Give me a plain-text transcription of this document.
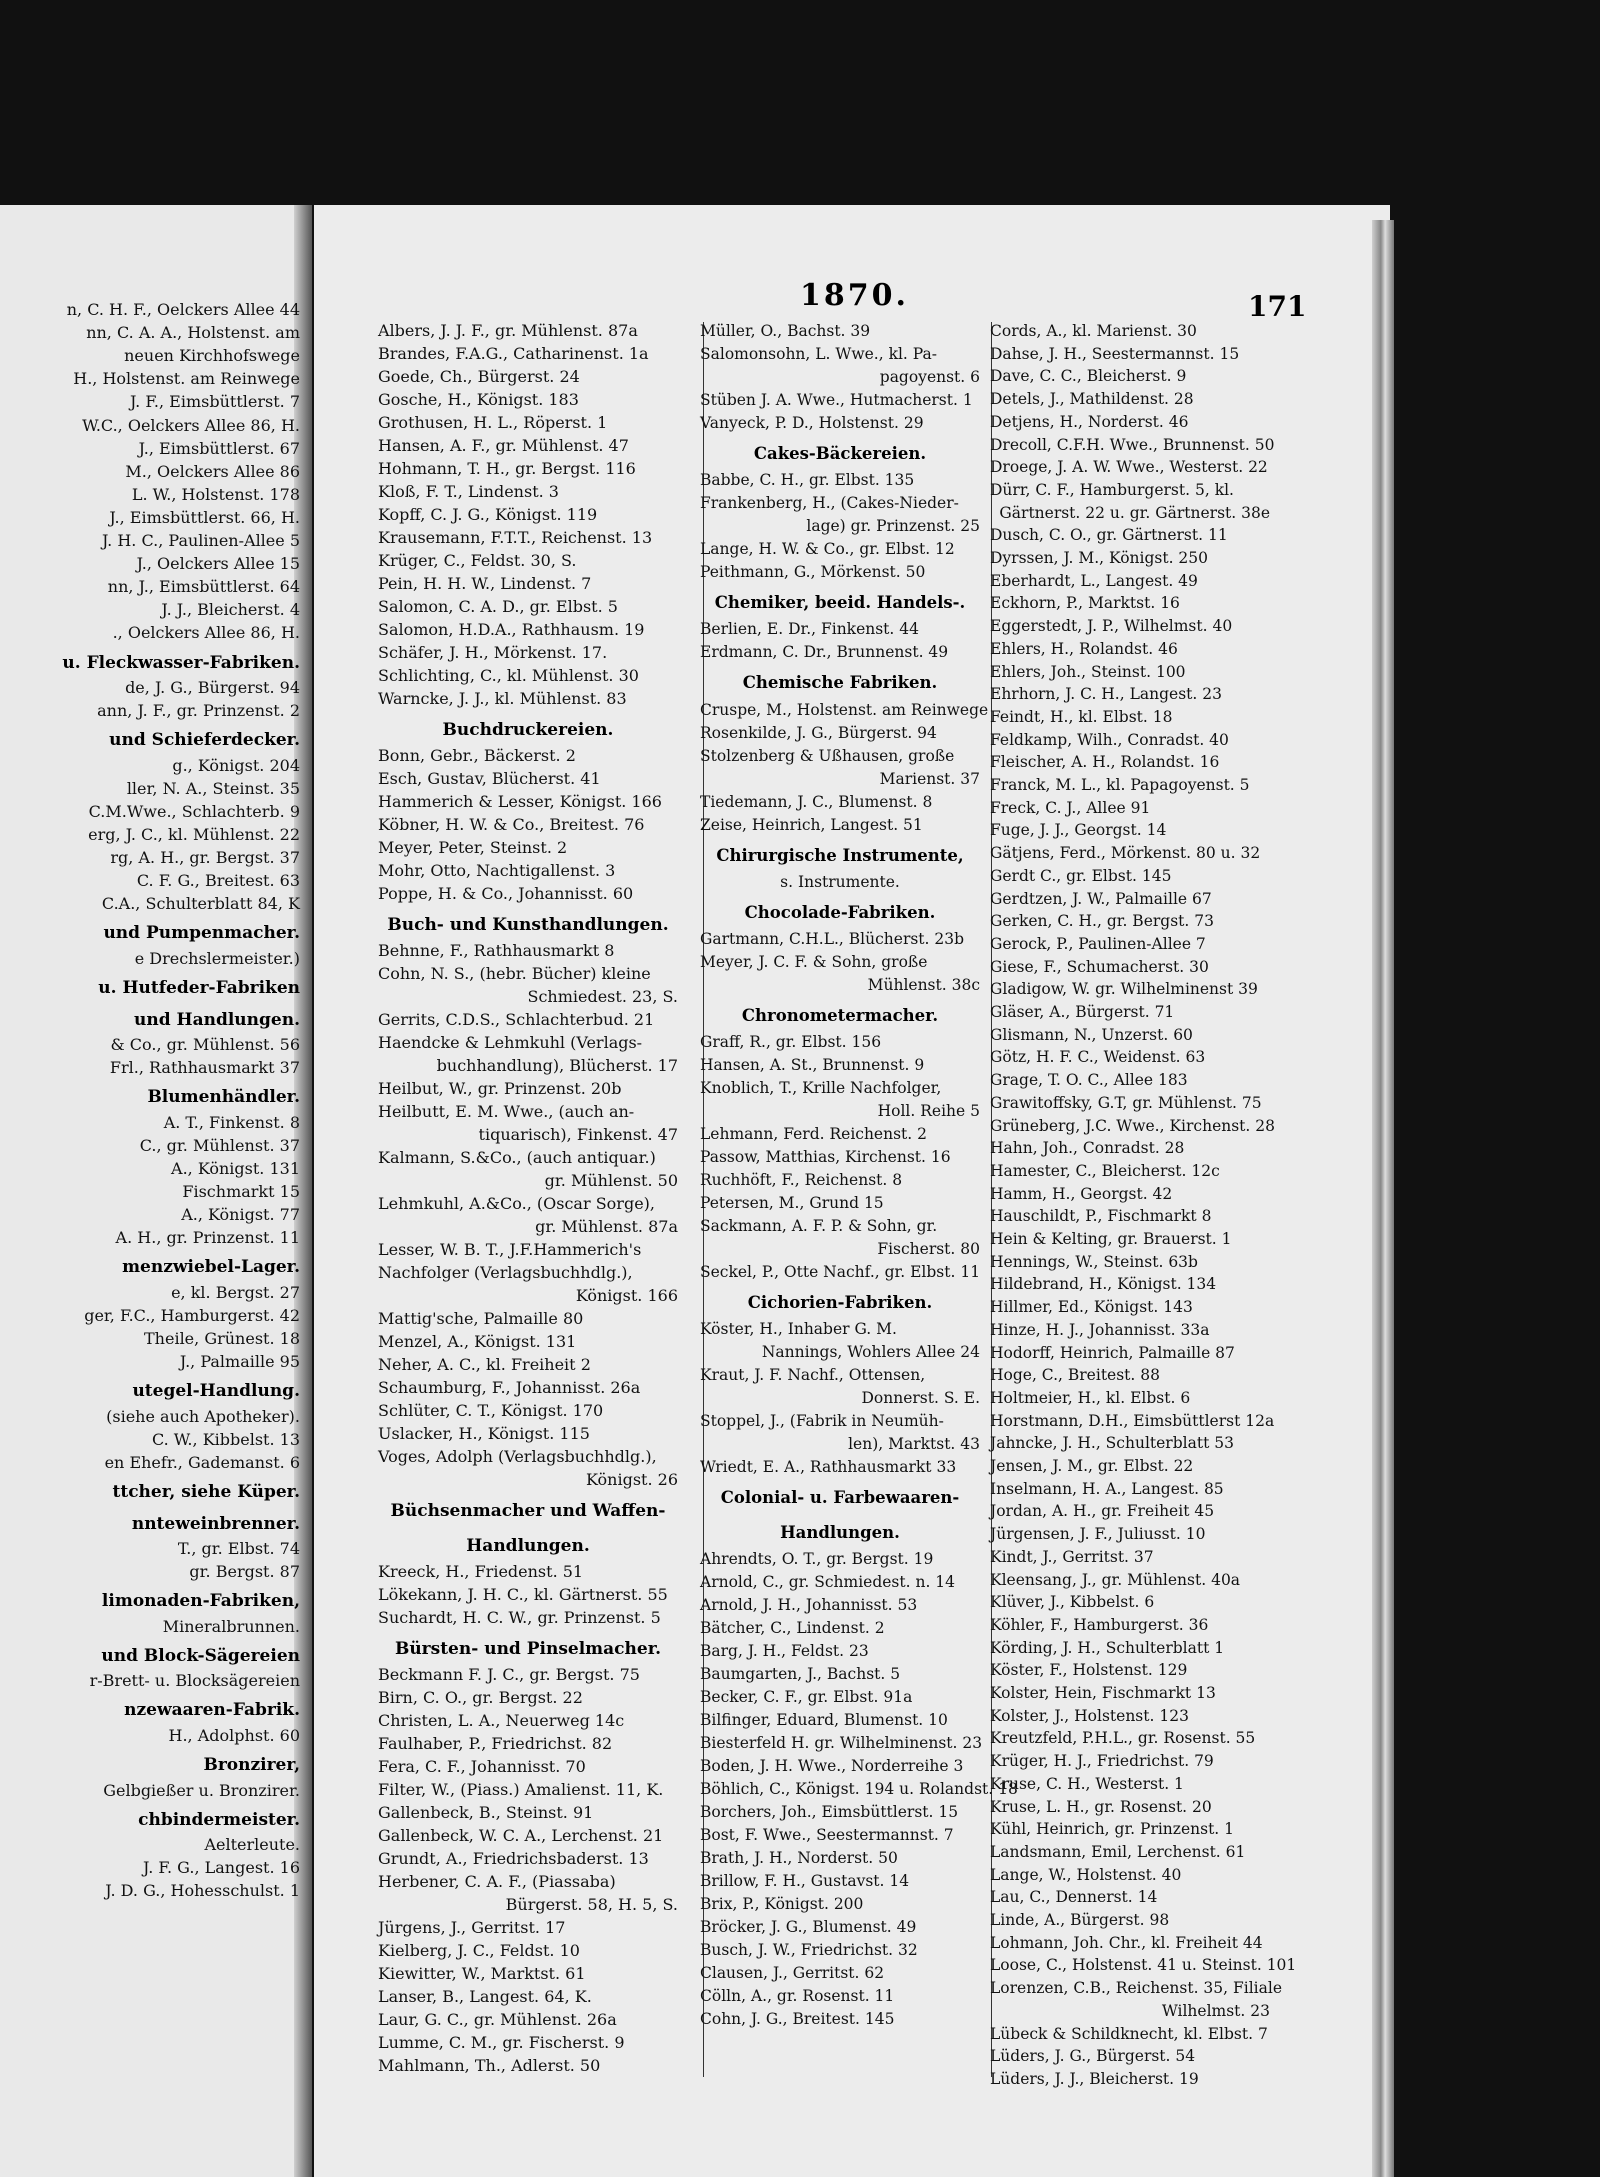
n, C. H. F., Oelckers Allee 44
nn, C. A. A., Holstenst. am
neuen Kirchhofswege
H., Holstenst. am Reinwege
J. F., Eimsbüttlerst. 7
W.C., Oelckers Allee 86, H.
J., Eimsbüttlerst. 67
M., Oelckers Allee 86
L. W., Holstenst. 178
J., Eimsbüttlerst. 66, H.
J. H. C., Paulinen-Allee 5
J., Oelckers Allee 15
nn, J., Eimsbüttlerst. 64
J. J., Bleicherst. 4
., Oelckers Allee 86, H.
u. Fleckwasser-Fabriken.
de, J. G., Bürgerst. 94
ann, J. F., gr. Prinzenst. 2
und Schieferdecker.
g., Königst. 204
ller, N. A., Steinst. 35
C.M.Wwe., Schlachterb. 9
erg, J. C., kl. Mühlenst. 22
rg, A. H., gr. Bergst. 37
C. F. G., Breitest. 63
C.A., Schulterblatt 84, K
und Pumpenmacher.
e Drechslermeister.)
u. Hutfeder-Fabriken
und Handlungen.
& Co., gr. Mühlenst. 56
Frl., Rathhausmarkt 37
Blumenhändler.
A. T., Finkenst. 8
C., gr. Mühlenst. 37
A., Königst. 131
Fischmarkt 15
A., Königst. 77
A. H., gr. Prinzenst. 11
menzwiebel-Lager.
e, kl. Bergst. 27
ger, F.C., Hamburgerst. 42
Theile, Grünest. 18
J., Palmaille 95
utegel-Handlung.
(siehe auch Apotheker).
C. W., Kibbelst. 13
en Ehefr., Gademanst. 6
ttcher, siehe Küper.
nnteweinbrenner.
T., gr. Elbst. 74
gr. Bergst. 87
limonaden-Fabriken,
Mineralbrunnen.
und Block-Sägereien
r-Brett- u. Blocksägereien
nzewaaren-Fabrik.
H., Adolphst. 60
Bronzirer,
Gelbgießer u. Bronzirer.
chbindermeister.
Aelterleute.
J. F. G., Langest. 16
J. D. G., Hohesschulst. 1
1870.	171
Albers, J. J. F., gr. Mühlenst. 87a
Brandes, F.A.G., Catharinenst. 1a
Goede, Ch., Bürgerst. 24
Gosche, H., Königst. 183
Grothusen, H. L., Röperst. 1
Hansen, A. F., gr. Mühlenst. 47
Hohmann, T. H., gr. Bergst. 116
Kloß, F. T., Lindenst. 3
Kopff, C. J. G., Königst. 119
Krausemann, F.T.T., Reichenst. 13
Krüger, C., Feldst. 30, S.
Pein, H. H. W., Lindenst. 7
Salomon, C. A. D., gr. Elbst. 5
Salomon, H.D.A., Rathhausm. 19
Schäfer, J. H., Mörkenst. 17.
Schlichting, C., kl. Mühlenst. 30
Warncke, J. J., kl. Mühlenst. 83
Buchdruckereien.
Bonn, Gebr., Bäckerst. 2
Esch, Gustav, Blücherst. 41
Hammerich & Lesser, Königst. 166
Köbner, H. W. & Co., Breitest. 76
Meyer, Peter, Steinst. 2
Mohr, Otto, Nachtigallenst. 3
Poppe, H. & Co., Johannisst. 60
Buch- und Kunsthandlungen.
Behnne, F., Rathhausmarkt 8
Cohn, N. S., (hebr. Bücher) kleine
Schmiedest. 23, S.
Gerrits, C.D.S., Schlachterbud. 21
Haendcke & Lehmkuhl (Verlags-
buchhandlung), Blücherst. 17
Heilbut, W., gr. Prinzenst. 20b
Heilbutt, E. M. Wwe., (auch an-
tiquarisch), Finkenst. 47
Kalmann, S.&Co., (auch antiquar.)
gr. Mühlenst. 50
Lehmkuhl, A.&Co., (Oscar Sorge),
gr. Mühlenst. 87a
Lesser, W. B. T., J.F.Hammerich's
Nachfolger (Verlagsbuchhdlg.),
Königst. 166
Mattig'sche, Palmaille 80
Menzel, A., Königst. 131
Neher, A. C., kl. Freiheit 2
Schaumburg, F., Johannisst. 26a
Schlüter, C. T., Königst. 170
Uslacker, H., Königst. 115
Voges, Adolph (Verlagsbuchhdlg.),
Königst. 26
Büchsenmacher und Waffen-
Handlungen.
Kreeck, H., Friedenst. 51
Lökekann, J. H. C., kl. Gärtnerst. 55
Suchardt, H. C. W., gr. Prinzenst. 5
Bürsten- und Pinselmacher.
Beckmann F. J. C., gr. Bergst. 75
Birn, C. O., gr. Bergst. 22
Christen, L. A., Neuerweg 14c
Faulhaber, P., Friedrichst. 82
Fera, C. F., Johannisst. 70
Filter, W., (Piass.) Amalienst. 11, K.
Gallenbeck, B., Steinst. 91
Gallenbeck, W. C. A., Lerchenst. 21
Grundt, A., Friedrichsbaderst. 13
Herbener, C. A. F., (Piassaba)
Bürgerst. 58, H. 5, S.
Jürgens, J., Gerritst. 17
Kielberg, J. C., Feldst. 10
Kiewitter, W., Marktst. 61
Lanser, B., Langest. 64, K.
Laur, G. C., gr. Mühlenst. 26a
Lumme, C. M., gr. Fischerst. 9
Mahlmann, Th., Adlerst. 50
Müller, O., Bachst. 39
Salomonsohn, L. Wwe., kl. Pa-
pagoyenst. 6
Stüben J. A. Wwe., Hutmacherst. 1
Vanyeck, P. D., Holstenst. 29
Cakes-Bäckereien.
Babbe, C. H., gr. Elbst. 135
Frankenberg, H., (Cakes-Nieder-
lage) gr. Prinzenst. 25
Lange, H. W. & Co., gr. Elbst. 12
Peithmann, G., Mörkenst. 50
Chemiker, beeid. Handels-.
Berlien, E. Dr., Finkenst. 44
Erdmann, C. Dr., Brunnenst. 49
Chemische Fabriken.
Cruspe, M., Holstenst. am Reinwege
Rosenkilde, J. G., Bürgerst. 94
Stolzenberg & Ußhausen, große
Marienst. 37
Tiedemann, J. C., Blumenst. 8
Zeise, Heinrich, Langest. 51
Chirurgische Instrumente,
s. Instrumente.
Chocolade-Fabriken.
Gartmann, C.H.L., Blücherst. 23b
Meyer, J. C. F. & Sohn, große
Mühlenst. 38c
Chronometermacher.
Graff, R., gr. Elbst. 156
Hansen, A. St., Brunnenst. 9
Knoblich, T., Krille Nachfolger,
Holl. Reihe 5
Lehmann, Ferd. Reichenst. 2
Passow, Matthias, Kirchenst. 16
Ruchhöft, F., Reichenst. 8
Petersen, M., Grund 15
Sackmann, A. F. P. & Sohn, gr.
Fischerst. 80
Seckel, P., Otte Nachf., gr. Elbst. 11
Cichorien-Fabriken.
Köster, H., Inhaber G. M.
Nannings, Wohlers Allee 24
Kraut, J. F. Nachf., Ottensen,
Donnerst. S. E.
Stoppel, J., (Fabrik in Neumüh-
len), Marktst. 43
Wriedt, E. A., Rathhausmarkt 33
Colonial- u. Farbewaaren-
Handlungen.
Ahrendts, O. T., gr. Bergst. 19
Arnold, C., gr. Schmiedest. n. 14
Arnold, J. H., Johannisst. 53
Bätcher, C., Lindenst. 2
Barg, J. H., Feldst. 23
Baumgarten, J., Bachst. 5
Becker, C. F., gr. Elbst. 91a
Bilfinger, Eduard, Blumenst. 10
Biesterfeld H. gr. Wilhelminenst. 23
Boden, J. H. Wwe., Norderreihe 3
Böhlich, C., Königst. 194 u. Rolandst. 18
Borchers, Joh., Eimsbüttlerst. 15
Bost, F. Wwe., Seestermannst. 7
Brath, J. H., Norderst. 50
Brillow, F. H., Gustavst. 14
Brix, P., Königst. 200
Bröcker, J. G., Blumenst. 49
Busch, J. W., Friedrichst. 32
Clausen, J., Gerritst. 62
Cölln, A., gr. Rosenst. 11
Cohn, J. G., Breitest. 145
Cords, A., kl. Marienst. 30
Dahse, J. H., Seestermannst. 15
Dave, C. C., Bleicherst. 9
Detels, J., Mathildenst. 28
Detjens, H., Norderst. 46
Drecoll, C.F.H. Wwe., Brunnenst. 50
Droege, J. A. W. Wwe., Westerst. 22
Dürr, C. F., Hamburgerst. 5, kl.
Gärtnerst. 22 u. gr. Gärtnerst. 38e
Dusch, C. O., gr. Gärtnerst. 11
Dyrssen, J. M., Königst. 250
Eberhardt, L., Langest. 49
Eckhorn, P., Marktst. 16
Eggerstedt, J. P., Wilhelmst. 40
Ehlers, H., Rolandst. 46
Ehlers, Joh., Steinst. 100
Ehrhorn, J. C. H., Langest. 23
Feindt, H., kl. Elbst. 18
Feldkamp, Wilh., Conradst. 40
Fleischer, A. H., Rolandst. 16
Franck, M. L., kl. Papagoyenst. 5
Freck, C. J., Allee 91
Fuge, J. J., Georgst. 14
Gätjens, Ferd., Mörkenst. 80 u. 32
Gerdt C., gr. Elbst. 145
Gerdtzen, J. W., Palmaille 67
Gerken, C. H., gr. Bergst. 73
Gerock, P., Paulinen-Allee 7
Giese, F., Schumacherst. 30
Gladigow, W. gr. Wilhelminenst 39
Gläser, A., Bürgerst. 71
Glismann, N., Unzerst. 60
Götz, H. F. C., Weidenst. 63
Grage, T. O. C., Allee 183
Grawitoffsky, G.T, gr. Mühlenst. 75
Grüneberg, J.C. Wwe., Kirchenst. 28
Hahn, Joh., Conradst. 28
Hamester, C., Bleicherst. 12c
Hamm, H., Georgst. 42
Hauschildt, P., Fischmarkt 8
Hein & Kelting, gr. Brauerst. 1
Hennings, W., Steinst. 63b
Hildebrand, H., Königst. 134
Hillmer, Ed., Königst. 143
Hinze, H. J., Johannisst. 33a
Hodorff, Heinrich, Palmaille 87
Hoge, C., Breitest. 88
Holtmeier, H., kl. Elbst. 6
Horstmann, D.H., Eimsbüttlerst 12a
Jahncke, J. H., Schulterblatt 53
Jensen, J. M., gr. Elbst. 22
Inselmann, H. A., Langest. 85
Jordan, A. H., gr. Freiheit 45
Jürgensen, J. F., Juliusst. 10
Kindt, J., Gerritst. 37
Kleensang, J., gr. Mühlenst. 40a
Klüver, J., Kibbelst. 6
Köhler, F., Hamburgerst. 36
Körding, J. H., Schulterblatt 1
Köster, F., Holstenst. 129
Kolster, Hein, Fischmarkt 13
Kolster, J., Holstenst. 123
Kreutzfeld, P.H.L., gr. Rosenst. 55
Krüger, H. J., Friedrichst. 79
Kruse, C. H., Westerst. 1
Kruse, L. H., gr. Rosenst. 20
Kühl, Heinrich, gr. Prinzenst. 1
Landsmann, Emil, Lerchenst. 61
Lange, W., Holstenst. 40
Lau, C., Dennerst. 14
Linde, A., Bürgerst. 98
Lohmann, Joh. Chr., kl. Freiheit 44
Loose, C., Holstenst. 41 u. Steinst. 101
Lorenzen, C.B., Reichenst. 35, Filiale
Wilhelmst. 23
Lübeck & Schildknecht, kl. Elbst. 7
Lüders, J. G., Bürgerst. 54
Lüders, J. J., Bleicherst. 19
